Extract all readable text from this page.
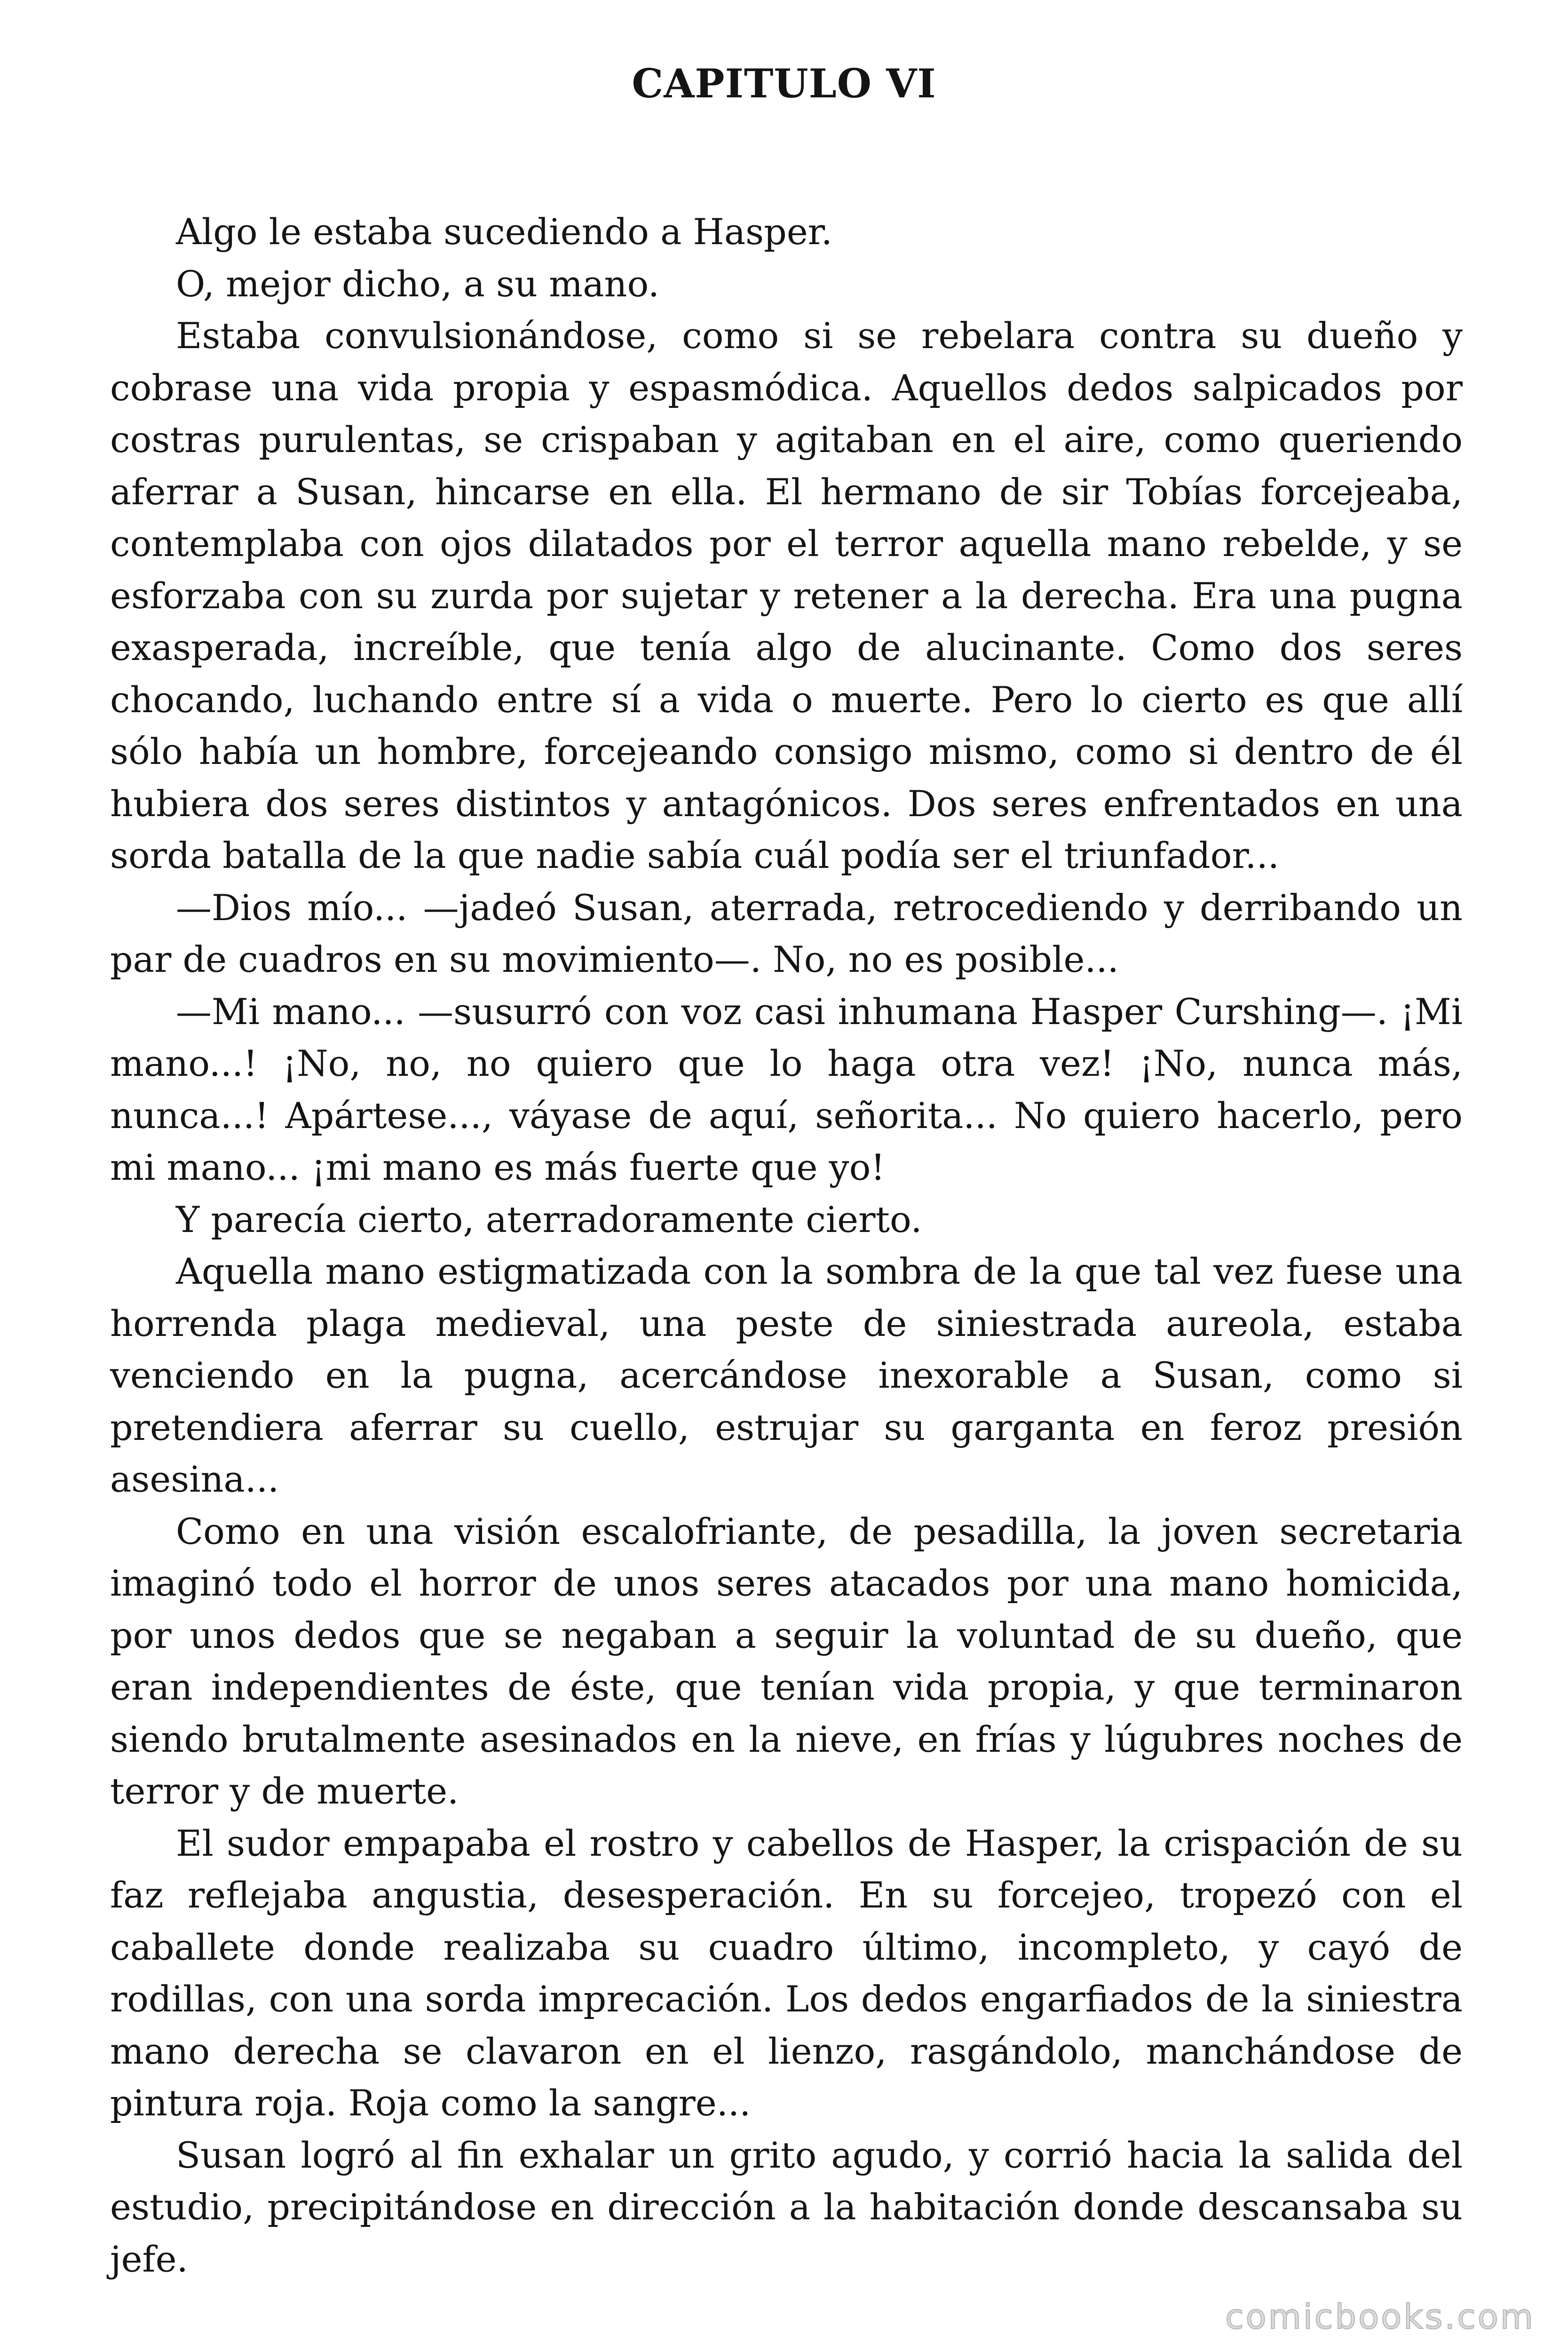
CAPITULO VI

Algo le estaba sucediendo a Hasper.

O, mejor dicho, a su mano.

Estaba convulsionándose, como si se rebelara contra su dueño y cobrase una vida propia y espasmódica. Aquellos dedos salpicados por costras purulentas, se crispaban y agitaban en el aire, como queriendo aferrar a Susan, hincarse en ella. El hermano de sir Tobías forcejeaba, contemplaba con ojos dilatados por el terror aquella mano rebelde, y se esforzaba con su zurda por sujetar y retener a la derecha. Era una pugna exasperada, increíble, que tenía algo de alucinante. Como dos seres chocando, luchando entre sí a vida o muerte. Pero lo cierto es que allí sólo había un hombre, forcejeando consigo mismo, como si dentro de él hubiera dos seres distintos y antagónicos. Dos seres enfrentados en una sorda batalla de la que nadie sabía cuál podía ser el triunfador...

—Dios mío... —jadeó Susan, aterrada, retrocediendo y derribando un par de cuadros en su movimiento—. No, no es posible...

—Mi mano... —susurró con voz casi inhumana Hasper Curshing—. ¡Mi mano...! ¡No, no, no quiero que lo haga otra vez! ¡No, nunca más, nunca...! Apártese..., váyase de aquí, señorita... No quiero hacerlo, pero mi mano... ¡mi mano es más fuerte que yo!

Y parecía cierto, aterradoramente cierto.

Aquella mano estigmatizada con la sombra de la que tal vez fuese una horrenda plaga medieval, una peste de siniestrada aureola, estaba venciendo en la pugna, acercándose inexorable a Susan, como si pretendiera aferrar su cuello, estrujar su garganta en feroz presión asesina...

Como en una visión escalofriante, de pesadilla, la joven secretaria imaginó todo el horror de unos seres atacados por una mano homicida, por unos dedos que se negaban a seguir la voluntad de su dueño, que eran independientes de éste, que tenían vida propia, y que terminaron siendo brutalmente asesinados en la nieve, en frías y lúgubres noches de terror y de muerte.

El sudor empapaba el rostro y cabellos de Hasper, la crispación de su faz reflejaba angustia, desesperación. En su forcejeo, tropezó con el caballete donde realizaba su cuadro último, incompleto, y cayó de rodillas, con una sorda imprecación. Los dedos engarfiados de la siniestra mano derecha se clavaron en el lienzo, rasgándolo, manchándose de pintura roja. Roja como la sangre...

Susan logró al fin exhalar un grito agudo, y corrió hacia la salida del estudio, precipitándose en dirección a la habitación donde descansaba su jefe.

comicbooks.com
